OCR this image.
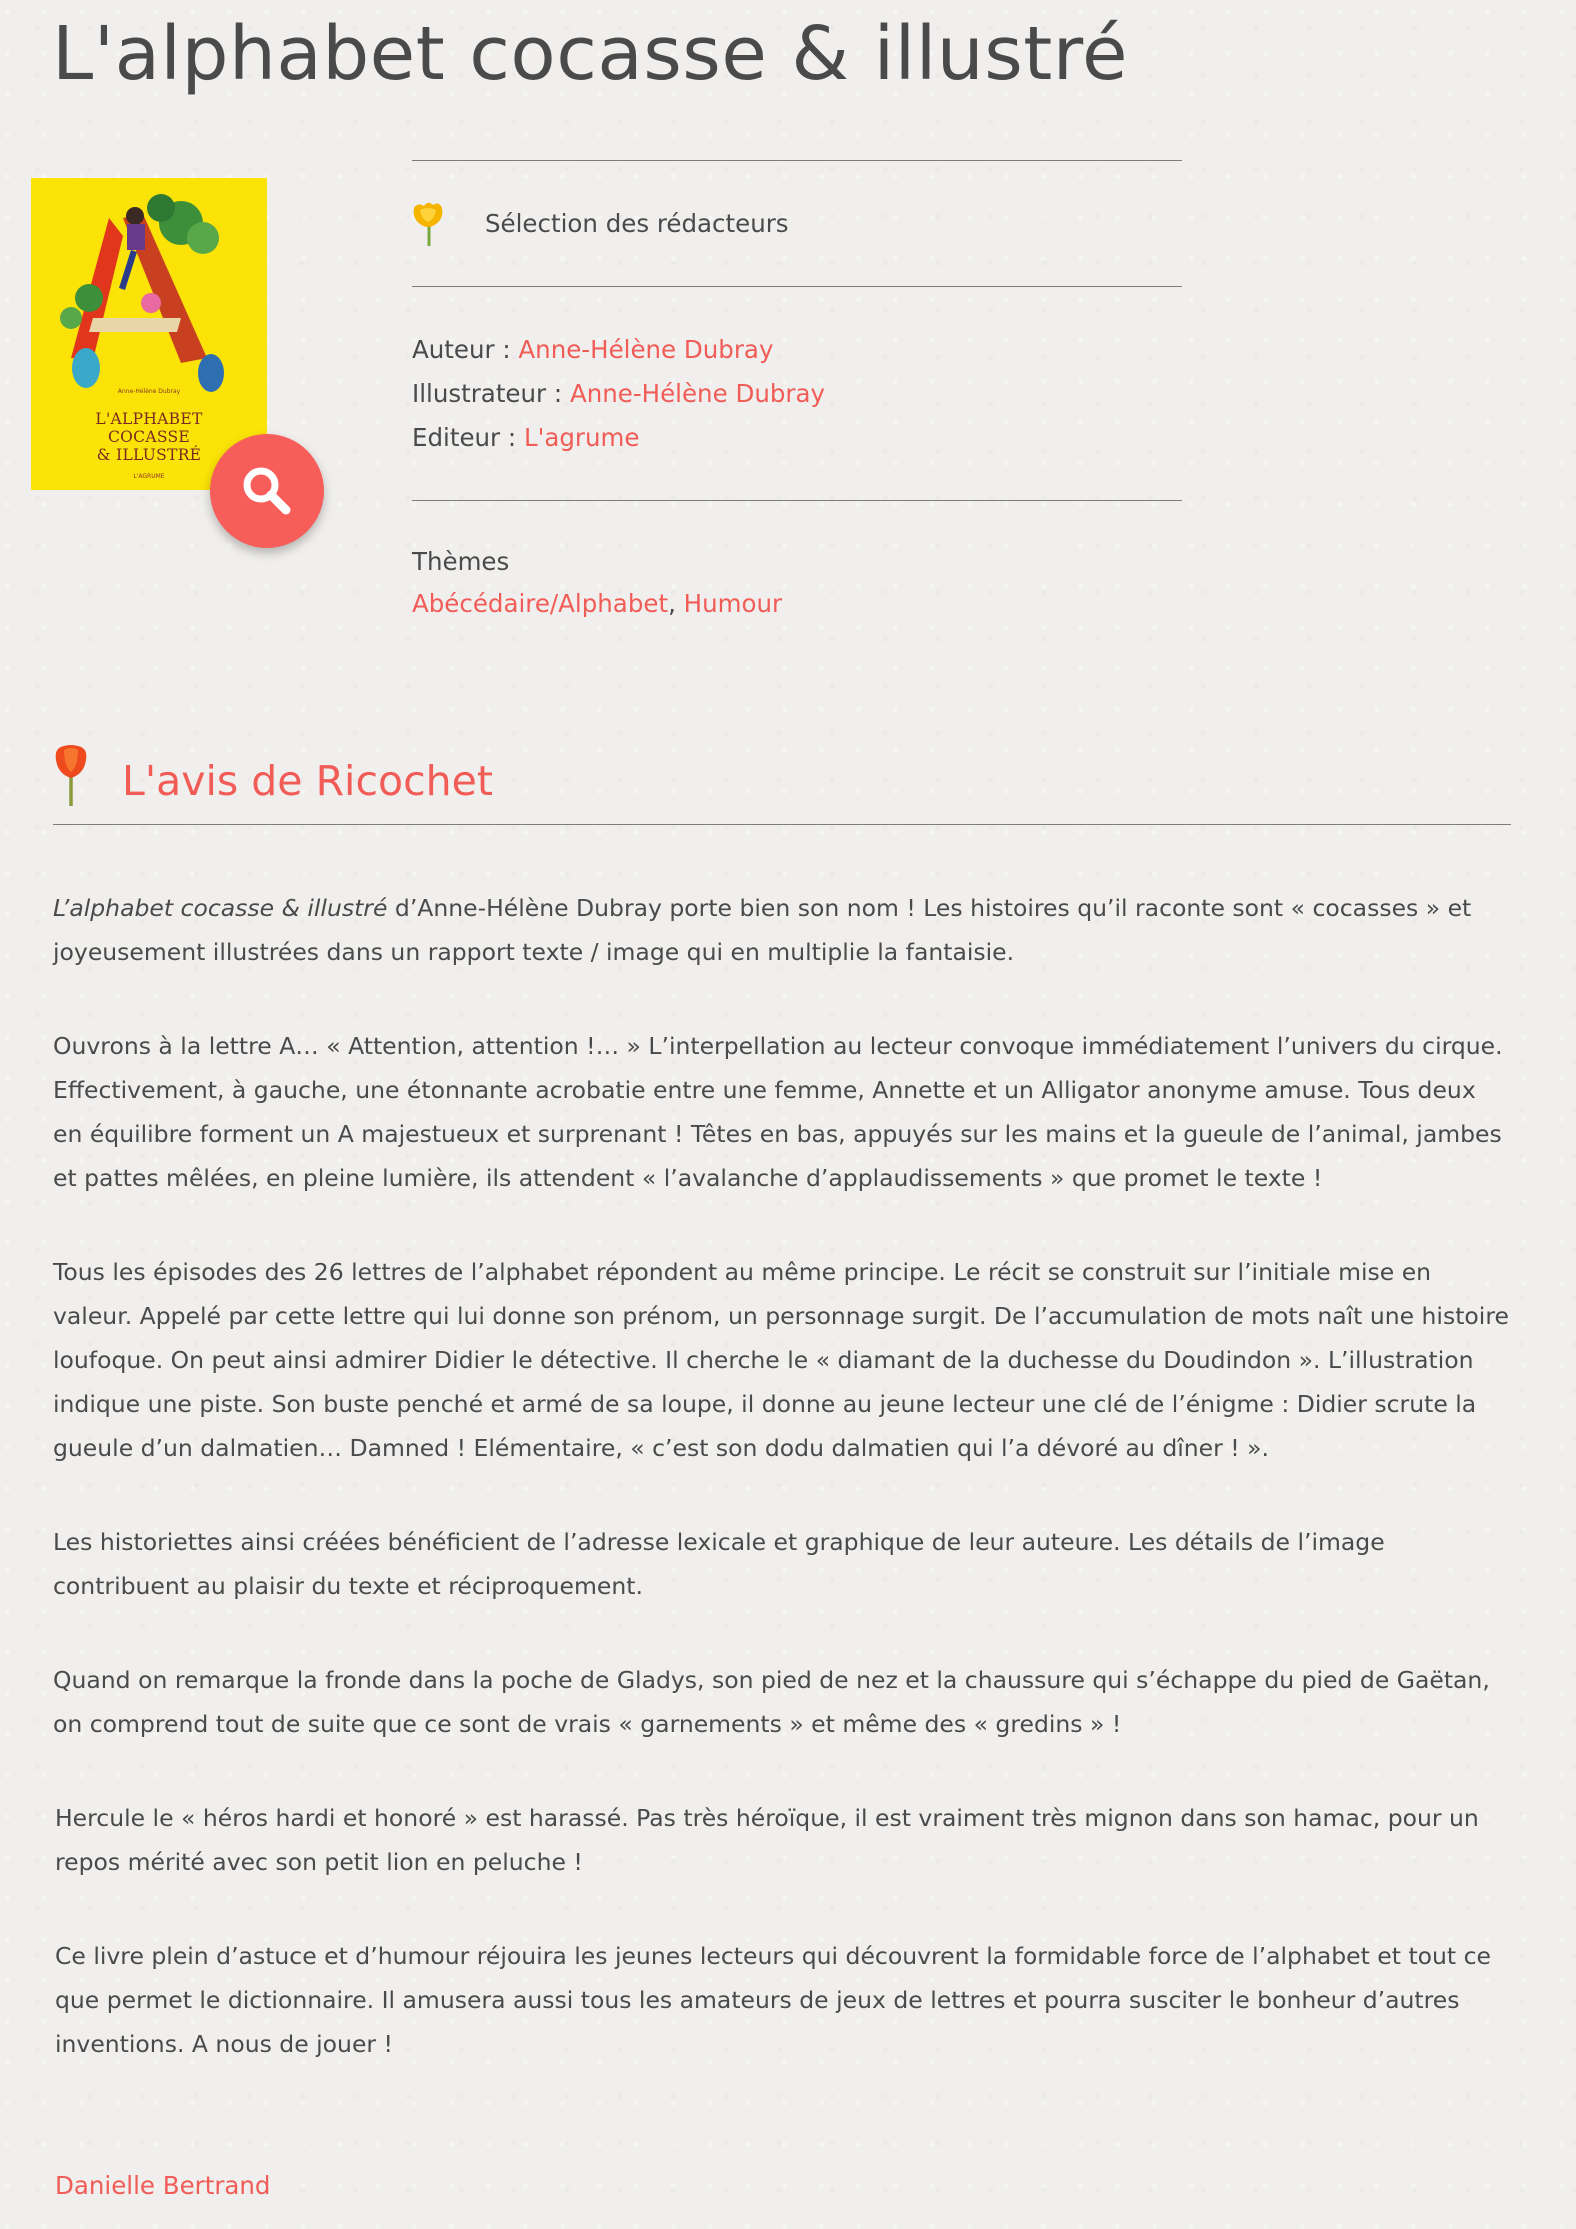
L'alphabet cocasse & illustré
Anne-Hélène Dubray
L'ALPHABET
COCASSE
& ILLUSTRÉ
L'AGRUME
Sélection des rédacteurs
Auteur : Anne-Hélène Dubray
Illustrateur : Anne-Hélène Dubray
Editeur : L'agrume
Thèmes
Abécédaire/Alphabet, Humour
L'avis de Ricochet

L’alphabet cocasse & illustré d’Anne-Hélène Dubray porte bien son nom ! Les histoires qu’il raconte sont « cocasses » et joyeusement illustrées dans un rapport texte / image qui en multiplie la fantaisie.

Ouvrons à la lettre A… « Attention, attention !… » L’interpellation au lecteur convoque immédiatement l’univers du cirque. Effectivement, à gauche, une étonnante acrobatie entre une femme, Annette et un Alligator anonyme amuse. Tous deux en équilibre forment un A majestueux et surprenant ! Têtes en bas, appuyés sur les mains et la gueule de l’animal, jambes et pattes mêlées, en pleine lumière, ils attendent « l’avalanche d’applaudissements » que promet le texte !

Tous les épisodes des 26 lettres de l’alphabet répondent au même principe. Le récit se construit sur l’initiale mise en valeur. Appelé par cette lettre qui lui donne son prénom, un personnage surgit. De l’accumulation de mots naît une histoire loufoque. On peut ainsi admirer Didier le détective. Il cherche le « diamant de la duchesse du Doudindon ». L’illustration indique une piste. Son buste penché et armé de sa loupe, il donne au jeune lecteur une clé de l’énigme : Didier scrute la gueule d’un dalmatien… Damned ! Elémentaire, « c’est son dodu dalmatien qui l’a dévoré au dîner ! ».

Les historiettes ainsi créées bénéficient de l’adresse lexicale et graphique de leur auteure. Les détails de l’image contribuent au plaisir du texte et réciproquement.

Quand on remarque la fronde dans la poche de Gladys, son pied de nez et la chaussure qui s’échappe du pied de Gaëtan, on comprend tout de suite que ce sont de vrais « garnements » et même des « gredins » !

Hercule le « héros hardi et honoré » est harassé. Pas très héroïque, il est vraiment très mignon dans son hamac, pour un repos mérité avec son petit lion en peluche !

Ce livre plein d’astuce et d’humour réjouira les jeunes lecteurs qui découvrent la formidable force de l’alphabet et tout ce que permet le dictionnaire. Il amusera aussi tous les amateurs de jeux de lettres et pourra susciter le bonheur d’autres inventions. A nous de jouer !

Danielle Bertrand
